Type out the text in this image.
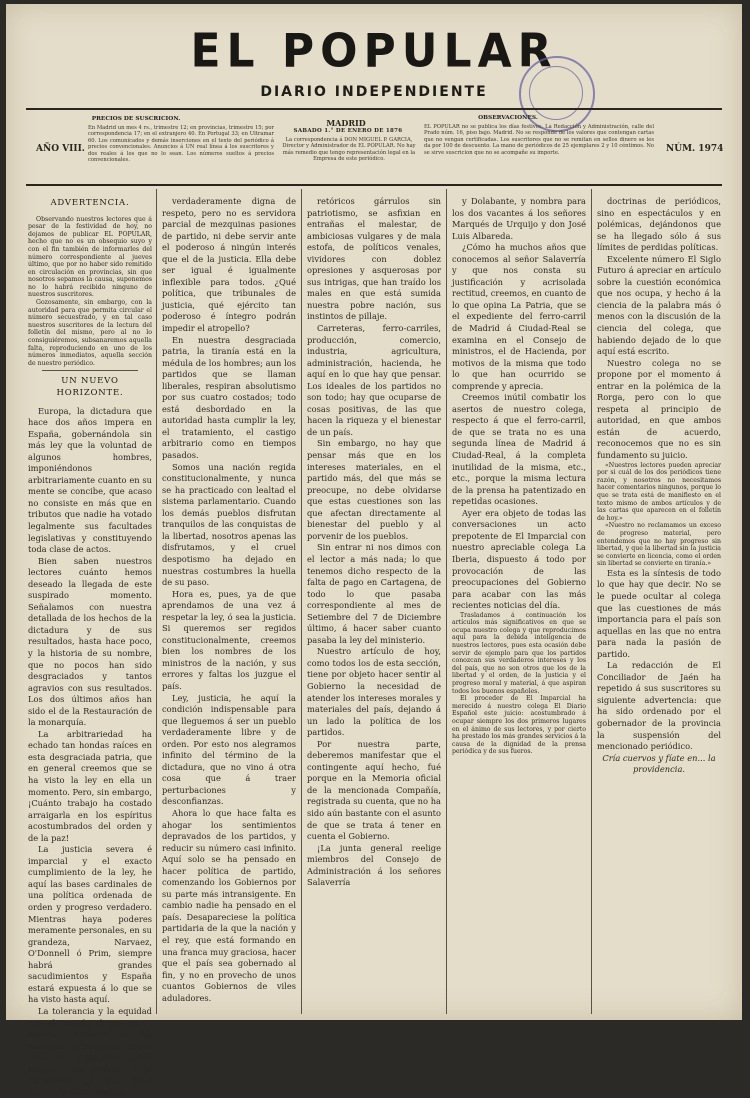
EL POPULAR
DIARIO INDEPENDIENTE
PRECIOS DE SUSCRICION.
En Madrid un mes 4 rs., trimestre 12; en provincias, trimestre 15; por correspondencia 17; en el extranjero 40. En Portugal 33; en Ultramar 60. Los comunicados y demás inserciones en el texto del periódico á precios convencionales. Anuncios á UN real línea á los suscritores y dos reales á los que no lo sean. Los números sueltos á precios convencionales.
AÑO VIII.
MADRID
SABADO 1.° DE ENERO DE 1876
La correspondencia á DON MIGUEL P. GARCIA, Director y Administrador de EL POPULAR. No hay más remedio que tengo representación legal en la Empresa de este periódico.
OBSERVACIONES.
EL POPULAR no se publica los días festivos. La Redacción y Administración, calle del Prado núm. 16, piso bajo. Madrid. No se responde de los valores que contengan cartas que no vengan certificadas. Los suscritores que no se remitan en sellos dinero se les da por 100 de descuento. La mano de periódicos de 25 ejemplares 2 y 10 céntimos. No se sirve suscricion que no se acompañe su importe.	NÚM. 1974

ADVERTENCIA.

Observando nuestros lectores que á pesar de la festividad de hoy, no dejamos de publicar EL POPULAR, hecho que no es un obsequio suyo y con el fin también de informarles del número correspondiente al jueves último, que por no haber sido remitido en circulación en provincias, sin que nosotros sepamos la causa, suponemos no lo habrá recibido ninguno de nuestros suscritores.

Gozosamente, sin embargo, con la autoridad para que permita circular el número secuestrado, y en tal caso nuestros suscritores de la lectura del folletín del mismo, pero al no lo consiguiéremos, subsanaremos aquella falta, reproduciendo en uno de los números inmediatos, aquella sección de nuestro periódico.

UN NUEVO HORIZONTE.

Europa, la dictadura que hace dos años impera en España, gobernándola sin más ley que la voluntad de algunos hombres, imponiéndonos arbitrariamente cuanto en su mente se concibe, que acaso no consiste en más que en tributos que nadie ha votado legalmente sus facultades legislativas y constituyendo toda clase de actos.

Bien saben nuestros lectores cuánto hemos deseado la llegada de este suspirado momento. Señalamos con nuestra detallada de los hechos de la dictadura y de sus resultados, hasta hace poco, y la historia de su nombre, que no pocos han sido desgraciados y tantos agravios con sus resultados. Los dos últimos años han sido el de la Restauración de la monarquía.

La arbitrariedad ha echado tan hondas raíces en esta desgraciada patria, que en general creemos que se ha visto la ley en ella un momento. Pero, sin embargo, ¡Cuánto trabajo ha costado arraigarla en los espíritus acostumbrados del orden y de la paz!

La justicia severa é imparcial y el exacto cumplimiento de la ley, he aquí las bases cardinales de una política ordenada de orden y progreso verdadero. Mientras haya poderes meramente personales, en su grandeza, Narvaez, O'Donnell ó Prim, siempre habrá grandes sacudimientos y España estará expuesta á lo que se ha visto hasta aquí.

La tolerancia y la equidad con el partido al que no es adverso, apóyese de las naciones extranjeras, sobre todo de Inglaterra: ¿qué respeto van profesar á la autoridad? ¿y qué que? Porque la autoridad es

verdaderamente digna de respeto, pero no es servidora parcial de mezquinas pasiones de partido, ni debe servir ante el poderoso á ningún interés que el de la justicia. Ella debe ser igual é igualmente inflexible para todos. ¿Qué política, que tribunales de justicia, qué ejército tan poderoso é íntegro podrán impedir el atropello?

En nuestra desgraciada patria, la tiranía está en la médula de los hombres; aun los partidos que se llaman liberales, respiran absolutismo por sus cuatro costados; todo está desbordado en la autoridad hasta cumplir la ley, el tratamiento, el castigo arbitrario como en tiempos pasados.

Somos una nación regida constitucionalmente, y nunca se ha practicado con lealtad el sistema parlamentario. Cuando los demás pueblos disfrutan tranquilos de las conquistas de la libertad, nosotros apenas las disfrutamos, y el cruel despotismo ha dejado en nuestras costumbres la huella de su paso.

Hora es, pues, ya de que aprendamos de una vez á respetar la ley, ó sea la justicia. Si queremos ser regidos constitucionalmente, creemos bien los nombres de los ministros de la nación, y sus errores y faltas los juzgue el país.

Ley, justicia, he aquí la condición indispensable para que lleguemos á ser un pueblo verdaderamente libre y de orden. Por esto nos alegramos infinito del término de la dictadura, que no vino á otra cosa que á traer perturbaciones y desconfianzas.

Ahora lo que hace falta es ahogar los sentimientos depravados de los partidos, y reducir su número casi infinito. Aquí solo se ha pensado en hacer política de partido, comenzando los Gobiernos por su parte más intransigente. En cambio nadie ha pensado en el país. Desapareciese la política partidaria de la que la nación y el rey, que está formando en una franca muy graciosa, hacer que el país sea gobernado al fin, y no en provecho de unos cuantos Gobiernos de viles aduladores.

retóricos gárrulos sin patriotismo, se asfixian en entrañas el malestar, de ambiciosas vulgares y de mala estofa, de políticos venales, vividores con doblez opresiones y asquerosas por sus intrigas, que han traído los males en que está sumida nuestra pobre nación, sus instintos de pillaje.

Carreteras, ferro-carriles, producción, comercio, industria, agricultura, administración, hacienda, he aquí en lo que hay que pensar. Los ideales de los partidos no son todo; hay que ocuparse de cosas positivas, de las que hacen la riqueza y el bienestar de un país.

Sin embargo, no hay que pensar más que en los intereses materiales, en el partido más, del que más se preocupe, no debe olvidarse que estas cuestiones son las que afectan directamente al bienestar del pueblo y al porvenir de los pueblos.

Sin entrar ni nos dimos con el lector a más nada; lo que tenemos dicho respecto de la falta de pago en Cartagena, de todo lo que pasaba correspondiente al mes de Setiembre del 7 de Diciembre último, á hacer saber cuanto pasaba la ley del ministerio.

Nuestro artículo de hoy, como todos los de esta sección, tiene por objeto hacer sentir al Gobierno la necesidad de atender los intereses morales y materiales del país, dejando á un lado la política de los partidos.

Por nuestra parte, deberemos manifestar que el contingente aquí hecho, fué porque en la Memoria oficial de la mencionada Compañía, registrada su cuenta, que no ha sido aún bastante con el asunto de que se trata á tener en cuenta el Gobierno.

¡La junta general reelige miembros del Consejo de Administración á los señores Salaverría

y Dolabante, y nombra para los dos vacantes á los señores Marqués de Urquijo y don José Luis Albareda.

¿Cómo ha muchos años que conocemos al señor Salaverría y que nos consta su justificación y acrisolada rectitud, creemos, en cuanto de lo que opina La Patria, que se el expediente del ferro-carril de Madrid á Ciudad-Real se examina en el Consejo de ministros, el de Hacienda, por motivos de la misma que todo lo que han ocurrido se comprende y aprecia.

Creemos inútil combatir los asertos de nuestro colega, respecto á que el ferro-carril, de que se trata no es una segunda línea de Madrid á Ciudad-Real, á la completa inutilidad de la misma, etc., etc., porque la misma lectura de la prensa ha patentizado en repetidas ocasiones.

Ayer era objeto de todas las conversaciones un acto prepotente de El Imparcial con nuestro apreciable colega La Iberia, dispuesto á todo por provocación de las preocupaciones del Gobierno para acabar con las más recientes noticias del día.

Trasladamos á continuación los artículos más significativos en que se ocupa nuestro colega y que reproducimos aquí para la debida inteligencia de nuestros lectores, pues esta ocasión debe servir de ejemplo para que los partidos conozcan sus verdaderos intereses y los del país, que no son otros que los de la libertad y el orden, de la justicia y el progreso moral y material, á que aspiran todos los buenos españoles.

El proceder de El Imparcial ha merecido á nuestro colega El Diario Español este juicio: acostumbrado á ocupar siempre los dos primeros lugares en el ánimo de sus lectores, y por cierto ha prestado los más grandes servicios á la causa de la dignidad de la prensa periódica y de sus fueros.

doctrinas de periódicos, sino en espectáculos y en polémicas, dejándonos que se ha llegado sólo á sus límites de perdidas políticas.

Excelente número El Siglo Futuro á apreciar en artículo sobre la cuestión económica que nos ocupa, y hecho á la ciencia de la palabra más ó menos con la discusión de la ciencia del colega, que habiendo dejado de lo que aquí está escrito.

Nuestro colega no se propone por el momento á entrar en la polémica de la Rorga, pero con lo que respeta al principio de autoridad, en que ambos están de acuerdo, reconocemos que no es sin fundamento su juicio.

«Nuestros lectores pueden apreciar por si cuál de los dos periódicos tiene razón, y nosotros no necesitamos hacer comentarios ningunos, porque lo que se trata está de manifiesto en el texto mismo de ambos artículos y de las cartas que aparecen en el folletín de hoy.»

«Nuestro no reclamamos un exceso de progreso material, pero entendemos que no hay progreso sin libertad, y que la libertad sin la justicia se convierte en licencia, como el orden sin libertad se convierte en tiranía.»

Esta es la síntesis de todo lo que hay que decir. No se le puede ocultar al colega que las cuestiones de más importancia para el país son aquellas en las que no entra para nada la pasión de partido.

La redacción de El Conciliador de Jaén ha repetido á sus suscritores su siguiente advertencia: que ha sido ordenado por el gobernador de la provincia la suspensión del mencionado periódico.

Cría cuervos y fíate en... la providencia.
